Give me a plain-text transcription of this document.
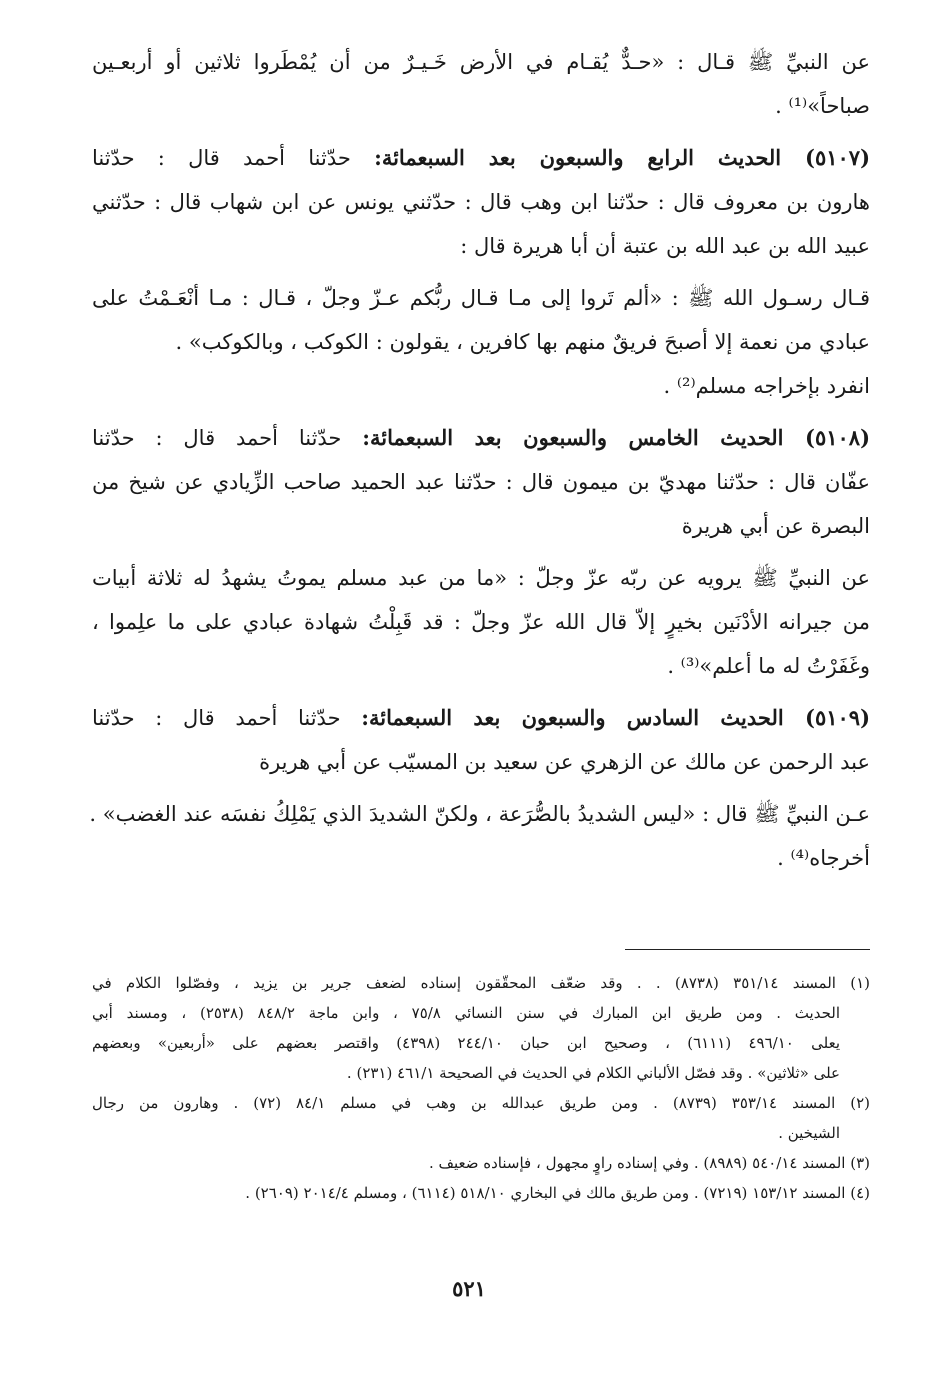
عن النبيِّ ﷺ قـال : «حـدٌّ يُقـام في الأرض خَـيـرٌ من أن يُمْطَروا ثلاثين أو أربعـين
صباحاً»⁽¹⁾ .
(٥١٠٧) الحديث الرابع والسبعون بعد السبعمائة: حدّثنا أحمد قال : حدّثنا
هارون بن معروف قال : حدّثنا ابن وهب قال : حدّثني يونس عن ابن شهاب قال : حدّثني
عبيد الله بن عبد الله بن عتبة أن أبا هريرة قال :
قـال رسـول الله ﷺ : «ألم تَروا إلى مـا قـال ربُّكم عـزّ وجلّ ، قـال : مـا أنْعَـمْتُ على
عبادي من نعمة إلا أصبحَ فريقٌ منهم بها كافرين ، يقولون : الكوكب ، وبالكوكب» .
انفرد بإخراجه مسلم⁽²⁾ .
(٥١٠٨) الحديث الخامس والسبعون بعد السبعمائة: حدّثنا أحمد قال : حدّثنا
عفّان قال : حدّثنا مهديّ بن ميمون قال : حدّثنا عبد الحميد صاحب الزِّيادي عن شيخ من
البصرة عن أبي هريرة
عن النبيِّ ﷺ يرويه عن ربّه عزّ وجلّ : «ما من عبد مسلم يموتُ يشهدُ له ثلاثة أبيات
من جيرانه الأدْنَين بخيرٍ إلاّ قال الله عزّ وجلّ : قد قَبِلْتُ شهادة عبادي على ما علِموا ،
وغَفَرْتُ له ما أعلم»⁽³⁾ .
(٥١٠٩) الحديث السادس والسبعون بعد السبعمائة: حدّثنا أحمد قال : حدّثنا
عبد الرحمن عن مالك عن الزهري عن سعيد بن المسيّب عن أبي هريرة
عـن النبيِّ ﷺ قال : «ليس الشديدُ بالصُّرَعة ، ولكنّ الشديدَ الذي يَمْلِكُ نفسَه عند الغضب» .
أخرجاه⁽⁴⁾ .
(١) المسند ٣٥١/١٤ (٨٧٣٨) . . وقد ضعّف المحقّقون إسناده لضعف جرير بن يزيد ، وفصّلوا الكلام في
الحديث . ومن طريق ابن المبارك في سنن النسائي ٧٥/٨ ، وابن ماجة ٨٤٨/٢ (٢٥٣٨) ، ومسند أبي
يعلى ٤٩٦/١٠ (٦١١١) ، وصحيح ابن حبان ٢٤٤/١٠ (٤٣٩٨) واقتصر بعضهم على «أربعين» وبعضهم
على «ثلاثين» . وقد فصّل الألباني الكلام في الحديث في الصحيحة ٤٦١/١ (٢٣١) .
(٢) المسند ٣٥٣/١٤ (٨٧٣٩) . ومن طريق عبدالله بن وهب في مسلم ٨٤/١ (٧٢) . وهارون من رجال
الشيخين .
(٣) المسند ٥٤٠/١٤ (٨٩٨٩) . وفي إسناده راوٍ مجهول ، فإسناده ضعيف .
(٤) المسند ١٥٣/١٢ (٧٢١٩) . ومن طريق مالك في البخاري ٥١٨/١٠ (٦١١٤) ، ومسلم ٢٠١٤/٤ (٢٦٠٩) .
٥٢١
